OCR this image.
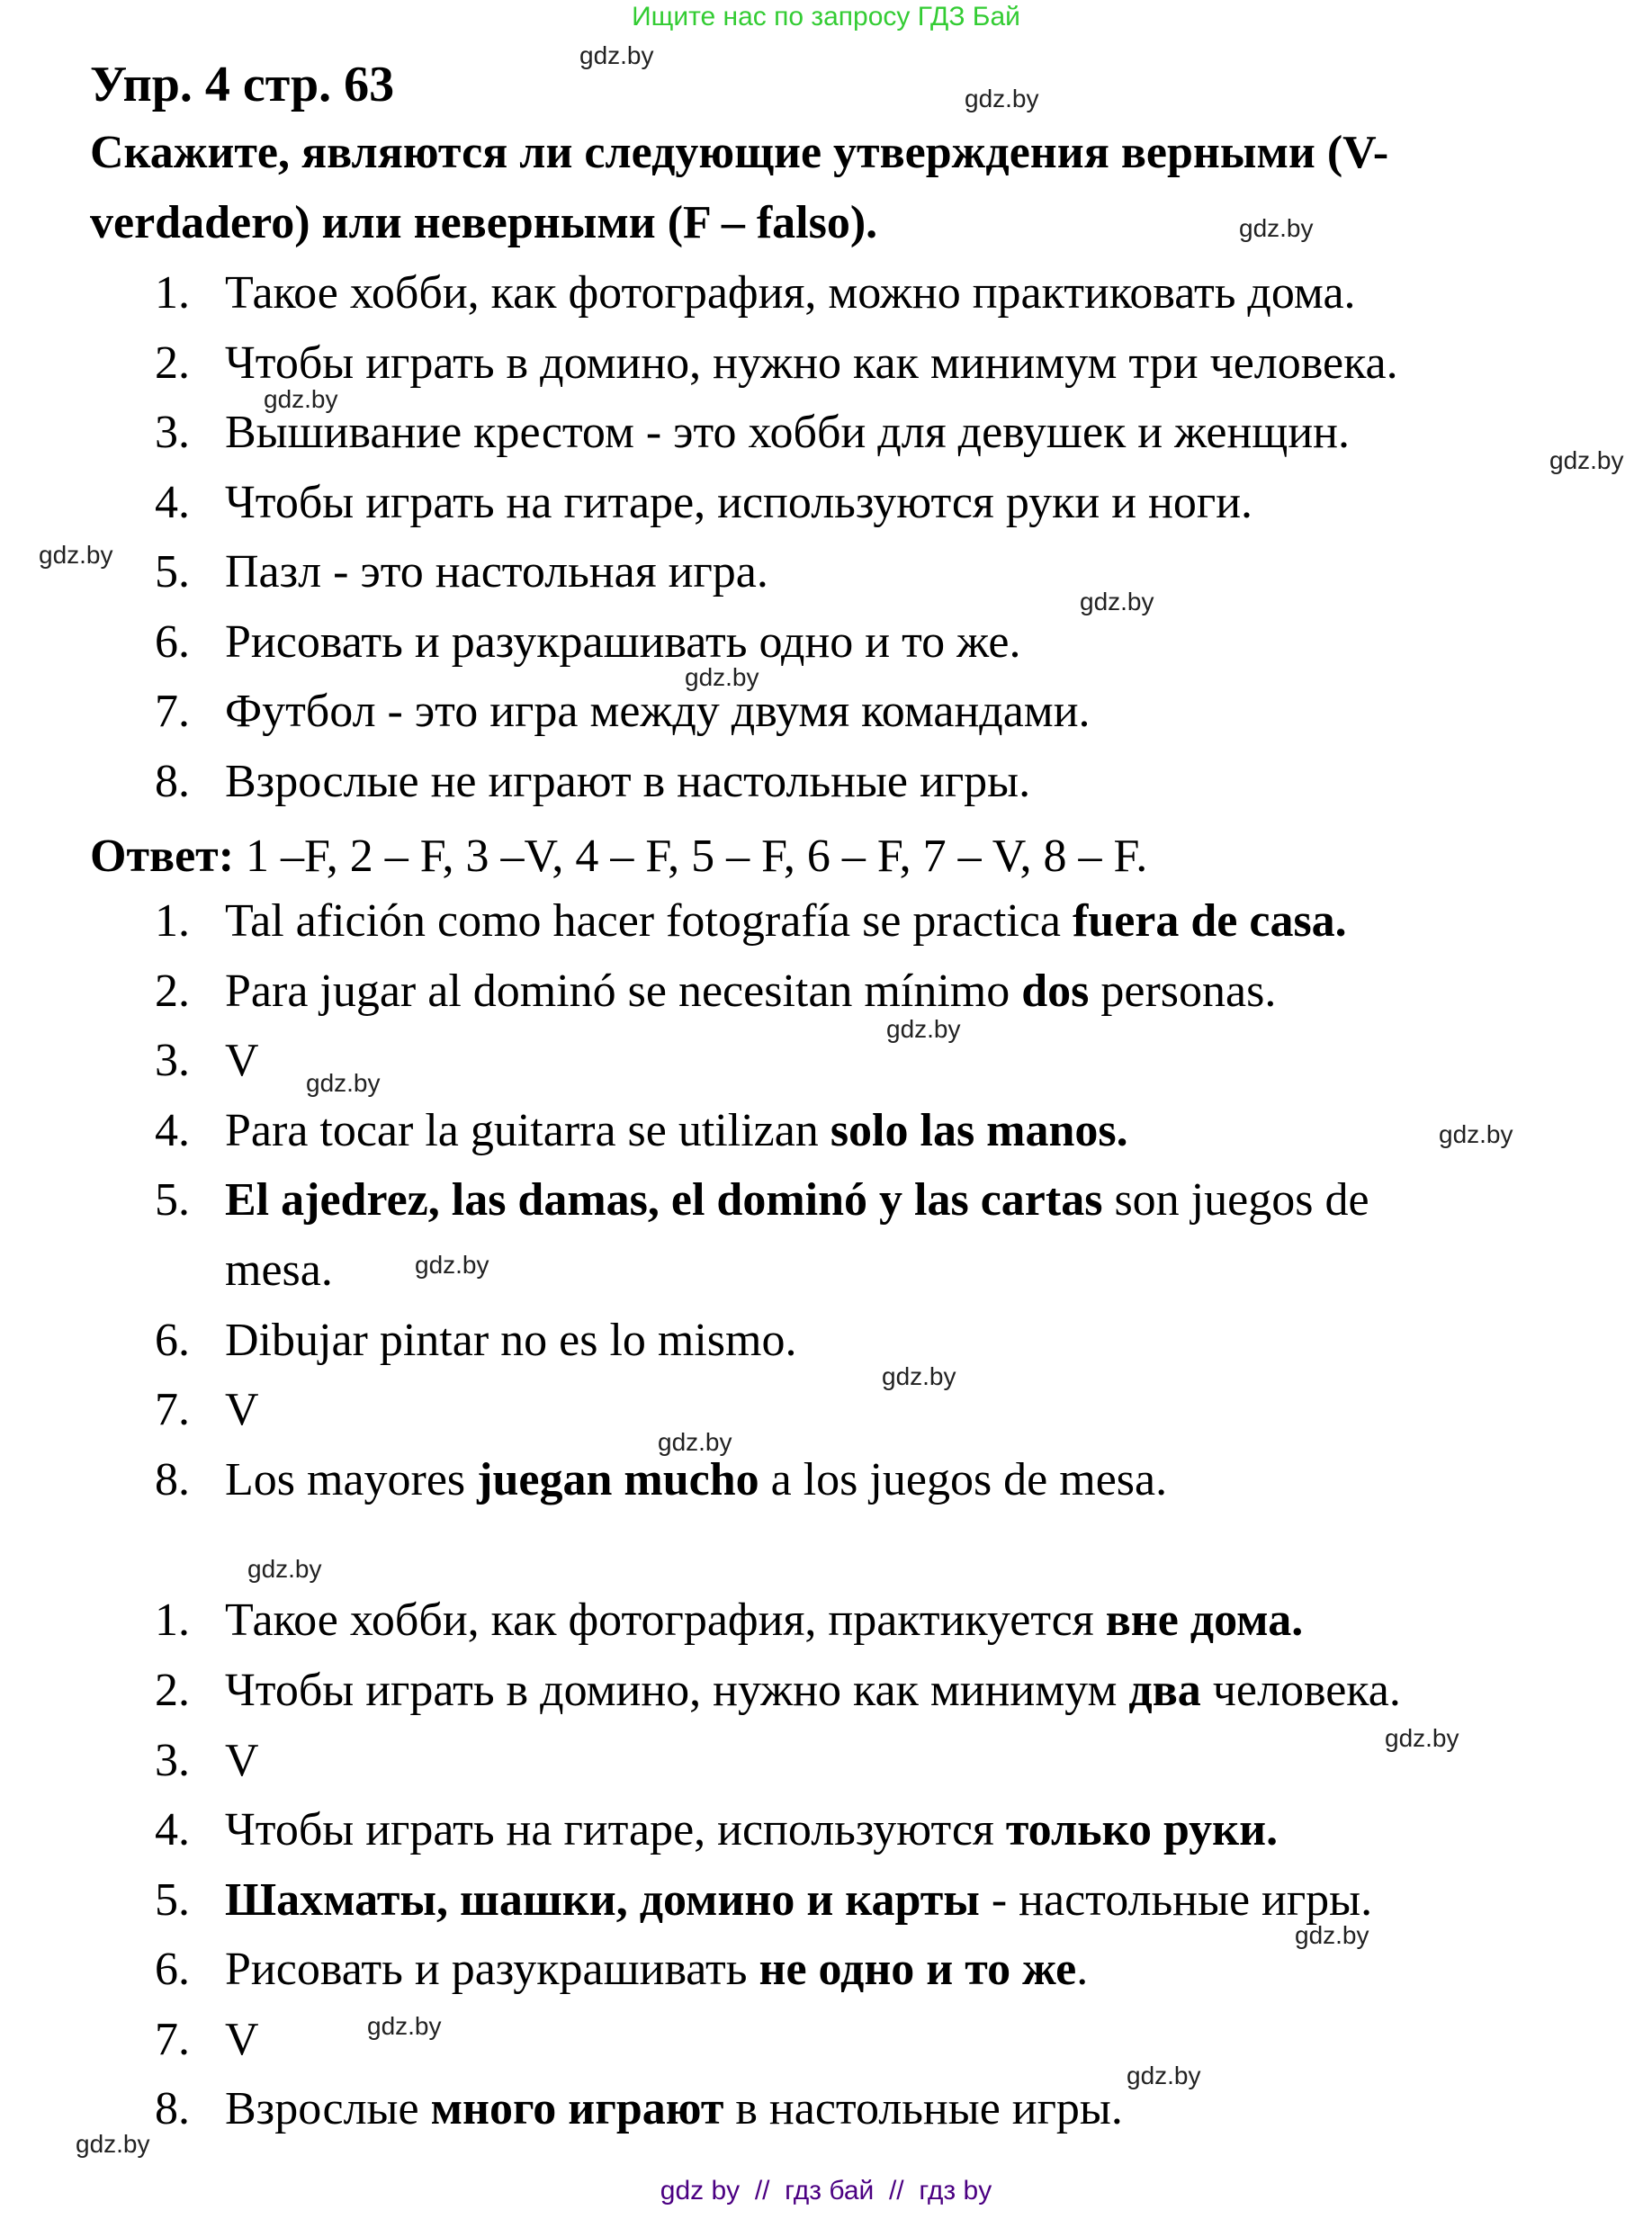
Ищите нас по запросу ГДЗ Бай
Упр. 4 стр. 63
Скажите, являются ли следующие утверждения верными (V-
verdadero) или неверными (F – falso).
1. Такое хобби, как фотография, можно практиковать дома.
2. Чтобы играть в домино, нужно как минимум три человека.
3. Вышивание крестом - это хобби для девушек и женщин.
4. Чтобы играть на гитаре, используются руки и ноги.
5. Пазл - это настольная игра.
6. Рисовать и разукрашивать одно и то же.
7. Футбол - это игра между двумя командами.
8. Взрослые не играют в настольные игры.
Ответ: 1 –F, 2 – F, 3 –V, 4 – F, 5 – F, 6 – F, 7 – V, 8 – F.
1. Tal afición como hacer fotografía se practica fuera de casa.
2. Para jugar al dominó se necesitan mínimo dos personas.
3. V
4. Para tocar la guitarra se utilizan solo las manos.
5. El ajedrez, las damas, el dominó y las cartas son juegos de
mesa.
6. Dibujar pintar no es lo mismo.
7. V
8. Los mayores juegan mucho a los juegos de mesa.
1. Такое хобби, как фотография, практикуется вне дома.
2. Чтобы играть в домино, нужно как минимум два человека.
3. V
4. Чтобы играть на гитаре, используются только руки.
5. Шахматы, шашки, домино и карты - настольные игры.
6. Рисовать и разукрашивать не одно и то же.
7. V
8. Взрослые много играют в настольные игры.
gdz.by
gdz.by
gdz.by
gdz.by
gdz.by
gdz.by
gdz.by
gdz.by
gdz.by
gdz.by
gdz.by
gdz.by
gdz.by
gdz.by
gdz.by
gdz.by
gdz.by
gdz.by
gdz.by
gdz.by
gdz by  //  гдз бай  //  гдз by
